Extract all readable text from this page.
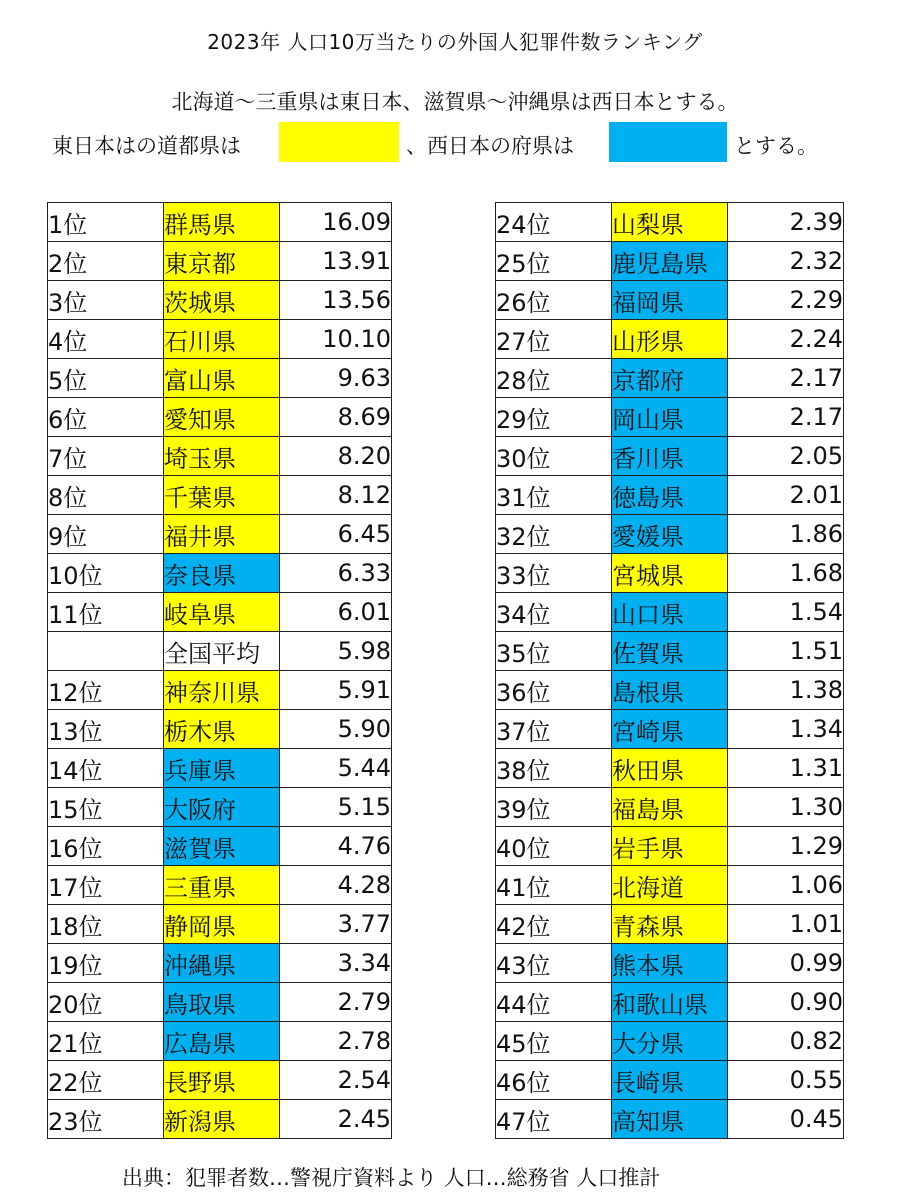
2023年 人口10万当たりの外国人犯罪件数ランキング
北海道～三重県は東日本、滋賀県～沖縄県は西日本とする。
東日本はの道都県は	、西日本の府県は	とする。
1位	群馬県	16.09
2位	東京都	13.91
3位	茨城県	13.56
4位	石川県	10.10
5位	富山県	9.63
6位	愛知県	8.69
7位	埼玉県	8.20
8位	千葉県	8.12
9位	福井県	6.45
10位	奈良県	6.33
11位	岐阜県	6.01
	全国平均	5.98
12位	神奈川県	5.91
13位	栃木県	5.90
14位	兵庫県	5.44
15位	大阪府	5.15
16位	滋賀県	4.76
17位	三重県	4.28
18位	静岡県	3.77
19位	沖縄県	3.34
20位	鳥取県	2.79
21位	広島県	2.78
22位	長野県	2.54
23位	新潟県	2.45
24位	山梨県	2.39
25位	鹿児島県	2.32
26位	福岡県	2.29
27位	山形県	2.24
28位	京都府	2.17
29位	岡山県	2.17
30位	香川県	2.05
31位	徳島県	2.01
32位	愛媛県	1.86
33位	宮城県	1.68
34位	山口県	1.54
35位	佐賀県	1.51
36位	島根県	1.38
37位	宮崎県	1.34
38位	秋田県	1.31
39位	福島県	1.30
40位	岩手県	1.29
41位	北海道	1.06
42位	青森県	1.01
43位	熊本県	0.99
44位	和歌山県	0.90
45位	大分県	0.82
46位	長崎県	0.55
47位	高知県	0.45
出典：犯罪者数…警視庁資料より 人口…総務省 人口推計
